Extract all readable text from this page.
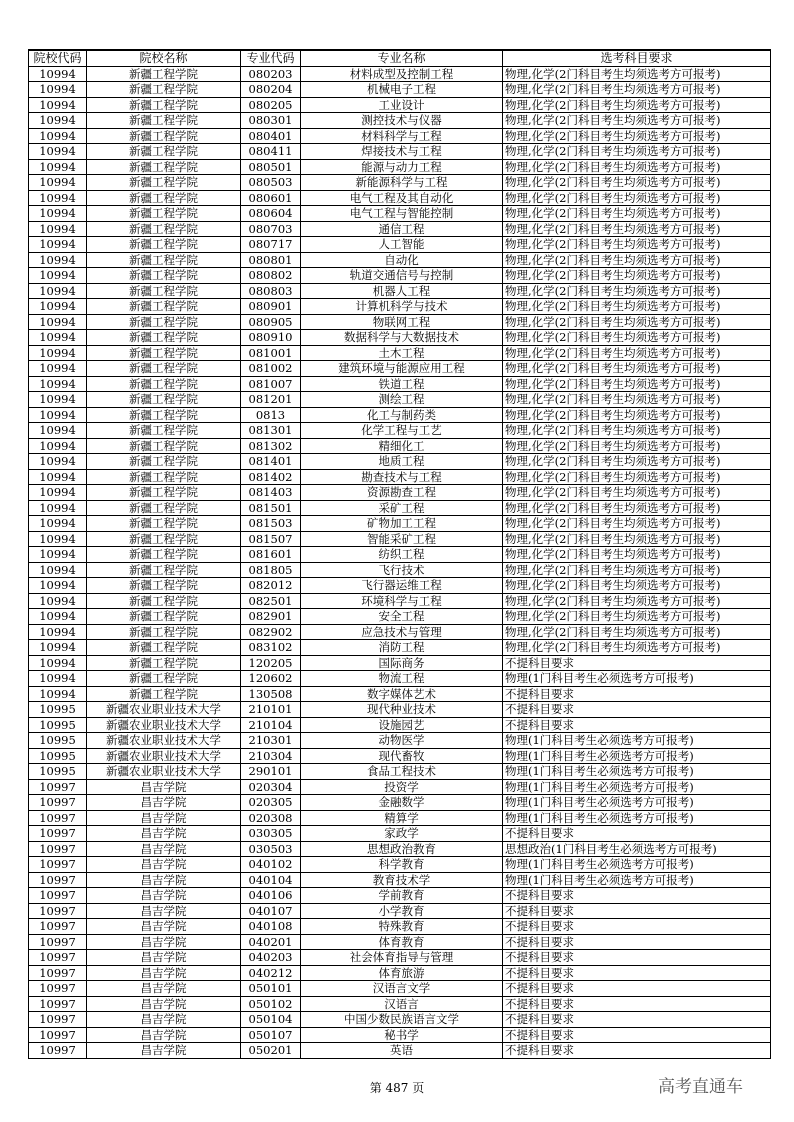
院校代码	院校名称	专业代码	专业名称	选考科目要求
10994	新疆工程学院	080203	材料成型及控制工程	物理,化学(2门科目考生均须选考方可报考)
10994	新疆工程学院	080204	机械电子工程	物理,化学(2门科目考生均须选考方可报考)
10994	新疆工程学院	080205	工业设计	物理,化学(2门科目考生均须选考方可报考)
10994	新疆工程学院	080301	测控技术与仪器	物理,化学(2门科目考生均须选考方可报考)
10994	新疆工程学院	080401	材料科学与工程	物理,化学(2门科目考生均须选考方可报考)
10994	新疆工程学院	080411	焊接技术与工程	物理,化学(2门科目考生均须选考方可报考)
10994	新疆工程学院	080501	能源与动力工程	物理,化学(2门科目考生均须选考方可报考)
10994	新疆工程学院	080503	新能源科学与工程	物理,化学(2门科目考生均须选考方可报考)
10994	新疆工程学院	080601	电气工程及其自动化	物理,化学(2门科目考生均须选考方可报考)
10994	新疆工程学院	080604	电气工程与智能控制	物理,化学(2门科目考生均须选考方可报考)
10994	新疆工程学院	080703	通信工程	物理,化学(2门科目考生均须选考方可报考)
10994	新疆工程学院	080717	人工智能	物理,化学(2门科目考生均须选考方可报考)
10994	新疆工程学院	080801	自动化	物理,化学(2门科目考生均须选考方可报考)
10994	新疆工程学院	080802	轨道交通信号与控制	物理,化学(2门科目考生均须选考方可报考)
10994	新疆工程学院	080803	机器人工程	物理,化学(2门科目考生均须选考方可报考)
10994	新疆工程学院	080901	计算机科学与技术	物理,化学(2门科目考生均须选考方可报考)
10994	新疆工程学院	080905	物联网工程	物理,化学(2门科目考生均须选考方可报考)
10994	新疆工程学院	080910	数据科学与大数据技术	物理,化学(2门科目考生均须选考方可报考)
10994	新疆工程学院	081001	土木工程	物理,化学(2门科目考生均须选考方可报考)
10994	新疆工程学院	081002	建筑环境与能源应用工程	物理,化学(2门科目考生均须选考方可报考)
10994	新疆工程学院	081007	铁道工程	物理,化学(2门科目考生均须选考方可报考)
10994	新疆工程学院	081201	测绘工程	物理,化学(2门科目考生均须选考方可报考)
10994	新疆工程学院	0813	化工与制药类	物理,化学(2门科目考生均须选考方可报考)
10994	新疆工程学院	081301	化学工程与工艺	物理,化学(2门科目考生均须选考方可报考)
10994	新疆工程学院	081302	精细化工	物理,化学(2门科目考生均须选考方可报考)
10994	新疆工程学院	081401	地质工程	物理,化学(2门科目考生均须选考方可报考)
10994	新疆工程学院	081402	勘查技术与工程	物理,化学(2门科目考生均须选考方可报考)
10994	新疆工程学院	081403	资源勘查工程	物理,化学(2门科目考生均须选考方可报考)
10994	新疆工程学院	081501	采矿工程	物理,化学(2门科目考生均须选考方可报考)
10994	新疆工程学院	081503	矿物加工工程	物理,化学(2门科目考生均须选考方可报考)
10994	新疆工程学院	081507	智能采矿工程	物理,化学(2门科目考生均须选考方可报考)
10994	新疆工程学院	081601	纺织工程	物理,化学(2门科目考生均须选考方可报考)
10994	新疆工程学院	081805	飞行技术	物理,化学(2门科目考生均须选考方可报考)
10994	新疆工程学院	082012	飞行器运维工程	物理,化学(2门科目考生均须选考方可报考)
10994	新疆工程学院	082501	环境科学与工程	物理,化学(2门科目考生均须选考方可报考)
10994	新疆工程学院	082901	安全工程	物理,化学(2门科目考生均须选考方可报考)
10994	新疆工程学院	082902	应急技术与管理	物理,化学(2门科目考生均须选考方可报考)
10994	新疆工程学院	083102	消防工程	物理,化学(2门科目考生均须选考方可报考)
10994	新疆工程学院	120205	国际商务	不提科目要求
10994	新疆工程学院	120602	物流工程	物理(1门科目考生必须选考方可报考)
10994	新疆工程学院	130508	数字媒体艺术	不提科目要求
10995	新疆农业职业技术大学	210101	现代种业技术	不提科目要求
10995	新疆农业职业技术大学	210104	设施园艺	不提科目要求
10995	新疆农业职业技术大学	210301	动物医学	物理(1门科目考生必须选考方可报考)
10995	新疆农业职业技术大学	210304	现代畜牧	物理(1门科目考生必须选考方可报考)
10995	新疆农业职业技术大学	290101	食品工程技术	物理(1门科目考生必须选考方可报考)
10997	昌吉学院	020304	投资学	物理(1门科目考生必须选考方可报考)
10997	昌吉学院	020305	金融数学	物理(1门科目考生必须选考方可报考)
10997	昌吉学院	020308	精算学	物理(1门科目考生必须选考方可报考)
10997	昌吉学院	030305	家政学	不提科目要求
10997	昌吉学院	030503	思想政治教育	思想政治(1门科目考生必须选考方可报考)
10997	昌吉学院	040102	科学教育	物理(1门科目考生必须选考方可报考)
10997	昌吉学院	040104	教育技术学	物理(1门科目考生必须选考方可报考)
10997	昌吉学院	040106	学前教育	不提科目要求
10997	昌吉学院	040107	小学教育	不提科目要求
10997	昌吉学院	040108	特殊教育	不提科目要求
10997	昌吉学院	040201	体育教育	不提科目要求
10997	昌吉学院	040203	社会体育指导与管理	不提科目要求
10997	昌吉学院	040212	体育旅游	不提科目要求
10997	昌吉学院	050101	汉语言文学	不提科目要求
10997	昌吉学院	050102	汉语言	不提科目要求
10997	昌吉学院	050104	中国少数民族语言文学	不提科目要求
10997	昌吉学院	050107	秘书学	不提科目要求
10997	昌吉学院	050201	英语	不提科目要求
第 487 页	高考直通车
